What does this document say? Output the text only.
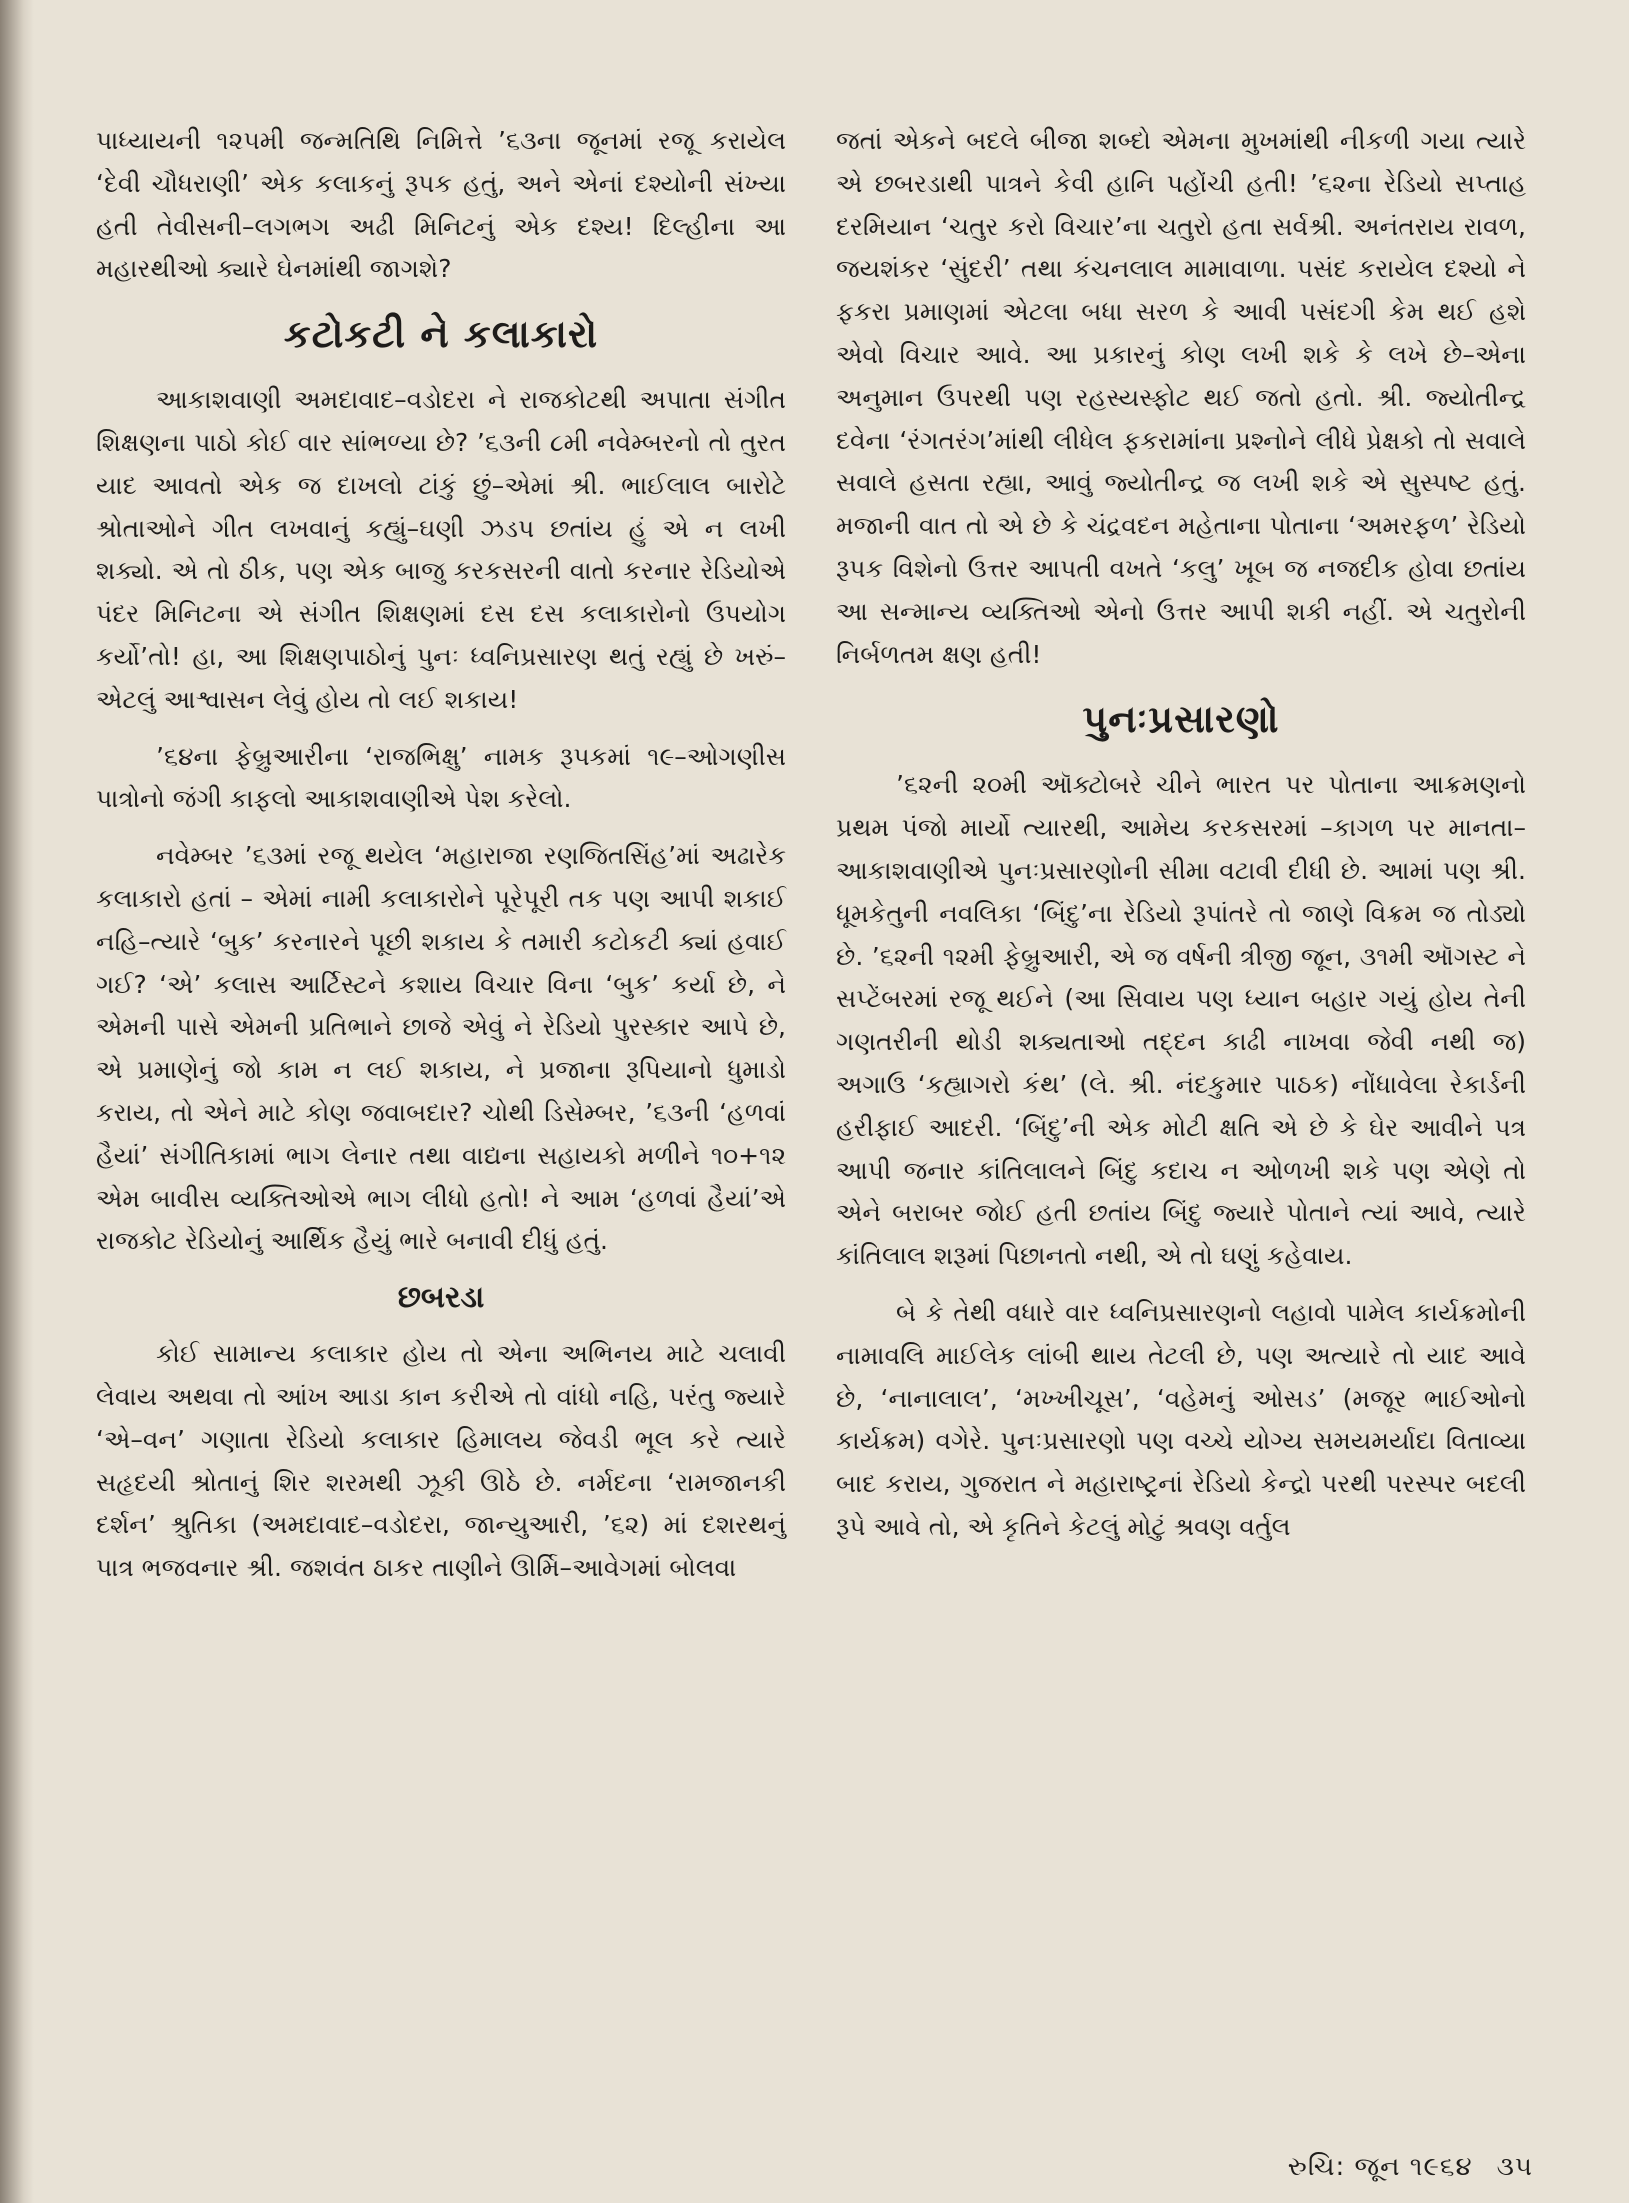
પાધ્યાયની ૧૨૫મી જન્મતિથિ નિમિત્તે ’૬૩ના જૂનમાં રજૂ કરાયેલ ‘દેવી ચૌધરાણી’ એક કલાકનું રૂપક હતું, અને એનાં દશ્યોની સંખ્યા હતી તેવીસની–લગભગ અઢી મિનિટનું એક દશ્ય! દિલ્હીના આ મહારથીઓ ક્યારે ઘેનમાંથી જાગશે?

કટોકટી ને કલાકારો

આકાશવાણી અમદાવાદ–વડોદરા ને રાજકોટથી અપાતા સંગીત શિક્ષણના પાઠો કોઈ વાર સાંભળ્યા છે? ’૬૩ની ૮મી નવેમ્બરનો તો તુરત યાદ આવતો એક જ દાખલો ટાંકું છું–એમાં શ્રી. ભાઈલાલ બારોટે શ્રોતાઓને ગીત લખવાનું કહ્યું–ઘણી ઝડપ છતાંય હું એ ન લખી શક્યો. એ તો ઠીક, પણ એક બાજુ કરકસરની વાતો કરનાર રેડિયોએ પંદર મિનિટના એ સંગીત શિક્ષણમાં દસ દસ કલાકારોનો ઉપયોગ કર્યો’તો! હા, આ શિક્ષણપાઠોનું પુનઃ ધ્વનિપ્રસારણ થતું રહ્યું છે ખરું– એટલું આશ્વાસન લેવું હોય તો લઈ શકાય!

’૬૪ના ફેબ્રુઆરીના ‘રાજભિક્ષુ’ નામક રૂપકમાં ૧૯–ઓગણીસ પાત્રોનો જંગી કાફલો આકાશવાણીએ પેશ કરેલો.

નવેમ્બર ’૬૩માં રજૂ થયેલ ‘મહારાજા રણજિતસિંહ’માં અઢારેક કલાકારો હતાં – એમાં નામી કલાકારોને પૂરેપૂરી તક પણ આપી શકાઈ નહિ–ત્યારે ‘બુક’ કરનારને પૂછી શકાય કે તમારી કટોકટી ક્યાં હવાઈ ગઈ? ‘એ’ કલાસ આર્ટિસ્ટને કશાય વિચાર વિના ‘બુક’ કર્યા છે, ને એમની પાસે એમની પ્રતિભાને છાજે એવું ને રેડિયો પુરસ્કાર આપે છે, એ પ્રમાણેનું જો કામ ન લઈ શકાય, ને પ્રજાના રૂપિયાનો ધુમાડો કરાય, તો એને માટે કોણ જવાબદાર? ચોથી ડિસેમ્બર, ’૬૩ની ‘હળવાં હૈયાં’ સંગીતિકામાં ભાગ લેનાર તથા વાદ્યના સહાયકો મળીને ૧૦+૧૨ એમ બાવીસ વ્યક્તિઓએ ભાગ લીધો હતો! ને આમ ‘હળવાં હૈયાં’એ રાજકોટ રેડિયોનું આર્થિક હૈયું ભારે બનાવી દીધું હતું.

છબરડા

કોઈ સામાન્ય કલાકાર હોય તો એના અભિનય માટે ચલાવી લેવાય અથવા તો આંખ આડા કાન કરીએ તો વાંધો નહિ, પરંતુ જ્યારે ‘એ–વન’ ગણાતા રેડિયો કલાકાર હિમાલય જેવડી ભૂલ કરે ત્યારે સહૃદયી શ્રોતાનું શિર શરમથી ઝૂકી ઊઠે છે. નર્મદના ‘રામજાનકી દર્શન’ શ્રુતિકા (અમદાવાદ–વડોદરા, જાન્યુઆરી, ’૬૨) માં દશરથનું પાત્ર ભજવનાર શ્રી. જશવંત ઠાકર તાણીને ઊર્મિ–આવેગમાં બોલવા

જતાં એકને બદલે બીજા શબ્દો એમના મુખમાંથી નીકળી ગયા ત્યારે એ છબરડાથી પાત્રને કેવી હાનિ પહોંચી હતી! ’૬૨ના રેડિયો સપ્તાહ દરમિયાન ‘ચતુર કરો વિચાર’ના ચતુરો હતા સર્વશ્રી. અનંતરાય રાવળ, જયશંકર ‘સુંદરી’ તથા કંચનલાલ મામાવાળા. પસંદ કરાયેલ દશ્યો ને ફકરા પ્રમાણમાં એટલા બધા સરળ કે આવી પસંદગી કેમ થઈ હશે એવો વિચાર આવે. આ પ્રકારનું કોણ લખી શકે કે લખે છે–એના અનુમાન ઉપરથી પણ રહસ્યસ્ફોટ થઈ જતો હતો. શ્રી. જ્યોતીન્દ્ર દવેના ‘રંગતરંગ’માંથી લીધેલ ફકરામાંના પ્રશ્નોને લીધે પ્રેક્ષકો તો સવાલે સવાલે હસતા રહ્યા, આવું જ્યોતીન્દ્ર જ લખી શકે એ સુસ્પષ્ટ હતું. મજાની વાત તો એ છે કે ચંદ્રવદન મહેતાના પોતાના ‘અમરફળ’ રેડિયો રૂપક વિશેનો ઉત્તર આપતી વખતે ‘કલુ’ ખૂબ જ નજદીક હોવા છતાંય આ સન્માન્ય વ્યક્તિઓ એનો ઉત્તર આપી શકી નહીં. એ ચતુરોની નિર્બળતમ ક્ષણ હતી!

પુનઃપ્રસારણો

’૬૨ની ૨૦મી ઑક્ટોબરે ચીને ભારત પર પોતાના આક્રમણનો પ્રથમ પંજો માર્યો ત્યારથી, આમેય કરકસરમાં –કાગળ પર માનતા–આકાશવાણીએ પુનઃપ્રસારણોની સીમા વટાવી દીધી છે. આમાં પણ શ્રી. ધૂમકેતુની નવલિકા ‘બિંદુ’ના રેડિયો રૂપાંતરે તો જાણે વિક્રમ જ તોડ્યો છે. ’૬૨ની ૧૨મી ફેબ્રુઆરી, એ જ વર્ષની ત્રીજી જૂન, ૩૧મી ઑગસ્ટ ને સપ્ટેંબરમાં રજૂ થઈને (આ સિવાય પણ ધ્યાન બહાર ગયું હોય તેની ગણતરીની થોડી શક્યતાઓ તદ્દન કાઢી નાખવા જેવી નથી જ) અગાઉ ‘કહ્યાગરો કંથ’ (લે. શ્રી. નંદકુમાર પાઠક) નોંધાવેલા રેકાર્ડની હરીફાઈ આદરી. ‘બિંદુ’ની એક મોટી ક્ષતિ એ છે કે ઘેર આવીને પત્ર આપી જનાર કાંતિલાલને બિંદુ કદાચ ન ઓળખી શકે પણ એણે તો એને બરાબર જોઈ હતી છતાંય બિંદુ જ્યારે પોતાને ત્યાં આવે, ત્યારે કાંતિલાલ શરૂમાં પિછાનતો નથી, એ તો ઘણું કહેવાય.

બે કે તેથી વધારે વાર ધ્વનિપ્રસારણનો લહાવો પામેલ કાર્યક્રમોની નામાવલિ માઈલેક લાંબી થાય તેટલી છે, પણ અત્યારે તો યાદ આવે છે, ‘નાનાલાલ’, ‘મખ્ખીચૂસ’, ‘વહેમનું ઓસડ’ (મજૂર ભાઈઓનો કાર્યક્રમ) વગેરે. પુનઃપ્રસારણો પણ વચ્ચે યોગ્ય સમયમર્યાદા વિતાવ્યા બાદ કરાય, ગુજરાત ને મહારાષ્ટ્રનાં રેડિયો કેન્દ્રો પરથી પરસ્પર બદલી રૂપે આવે તો, એ કૃતિને કેટલું મોટું શ્રવણ વર્તુલ

રુચિ: જૂન ૧૯૬૪ ૩૫
